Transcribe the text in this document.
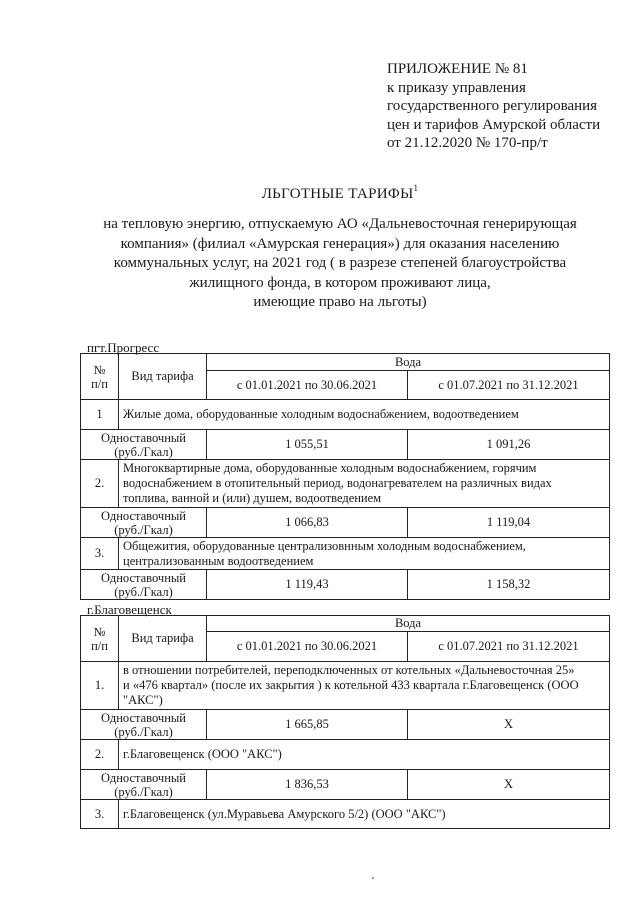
ПРИЛОЖЕНИЕ № 81
к приказу управления
государственного регулирования
цен и тарифов Амурской области
от 21.12.2020 № 170-пр/т
ЛЬГОТНЫЕ ТАРИФЫ$^1$
на тепловую энергию, отпускаемую АО «Дальневосточная генерирующая
компания» (филиал «Амурская генерация») для оказания населению
коммунальных услуг, на 2021 год ( в разрезе степеней благоустройства
жилищного фонда, в котором проживают лица,
имеющие право на льготы)
пгт.Прогресс
№
п/п	Вид тарифа	Вода	
		с 01.01.2021 по 30.06.2021	с 01.07.2021 по 31.12.2021
1	Жилые дома, оборудованные холодным водоснабжением, водоотведением		

Одноставочный
(руб./Гкал)		1 055,51	1 091,26
2.	Многоквартирные дома, оборудованные холодным водоснабжением, горячим
водоснабжением в отопительный период, водонагревателем на различных видах
топлива, ванной и (или) душем, водоотведением		

Одноставочный
(руб./Гкал)		1 066,83	1 119,04
3.	Общежития, оборудованные централизовнным холодным водоснабжением,
централизованным водоотведением		

Одноставочный
(руб./Гкал)		1 119,43	1 158,32
г.Благовещенск
№
п/п	Вид тарифа	Вода	
		с 01.01.2021 по 30.06.2021	с 01.07.2021 по 31.12.2021
1.	в отношении потребителей, переподключенных от котельных «Дальневосточная 25»
и «476 квартал» (после их закрытия ) к котельной 433 квартала г.Благовещенск (ООО
"АКС")		

Одноставочный
(руб./Гкал)		1 665,85	Х
2.	г.Благовещенск (ООО "АКС")		

Одноставочный
(руб./Гкал)		1 836,53	Х
3.	г.Благовещенск (ул.Муравьева Амурского 5/2) (ООО "АКС")		
